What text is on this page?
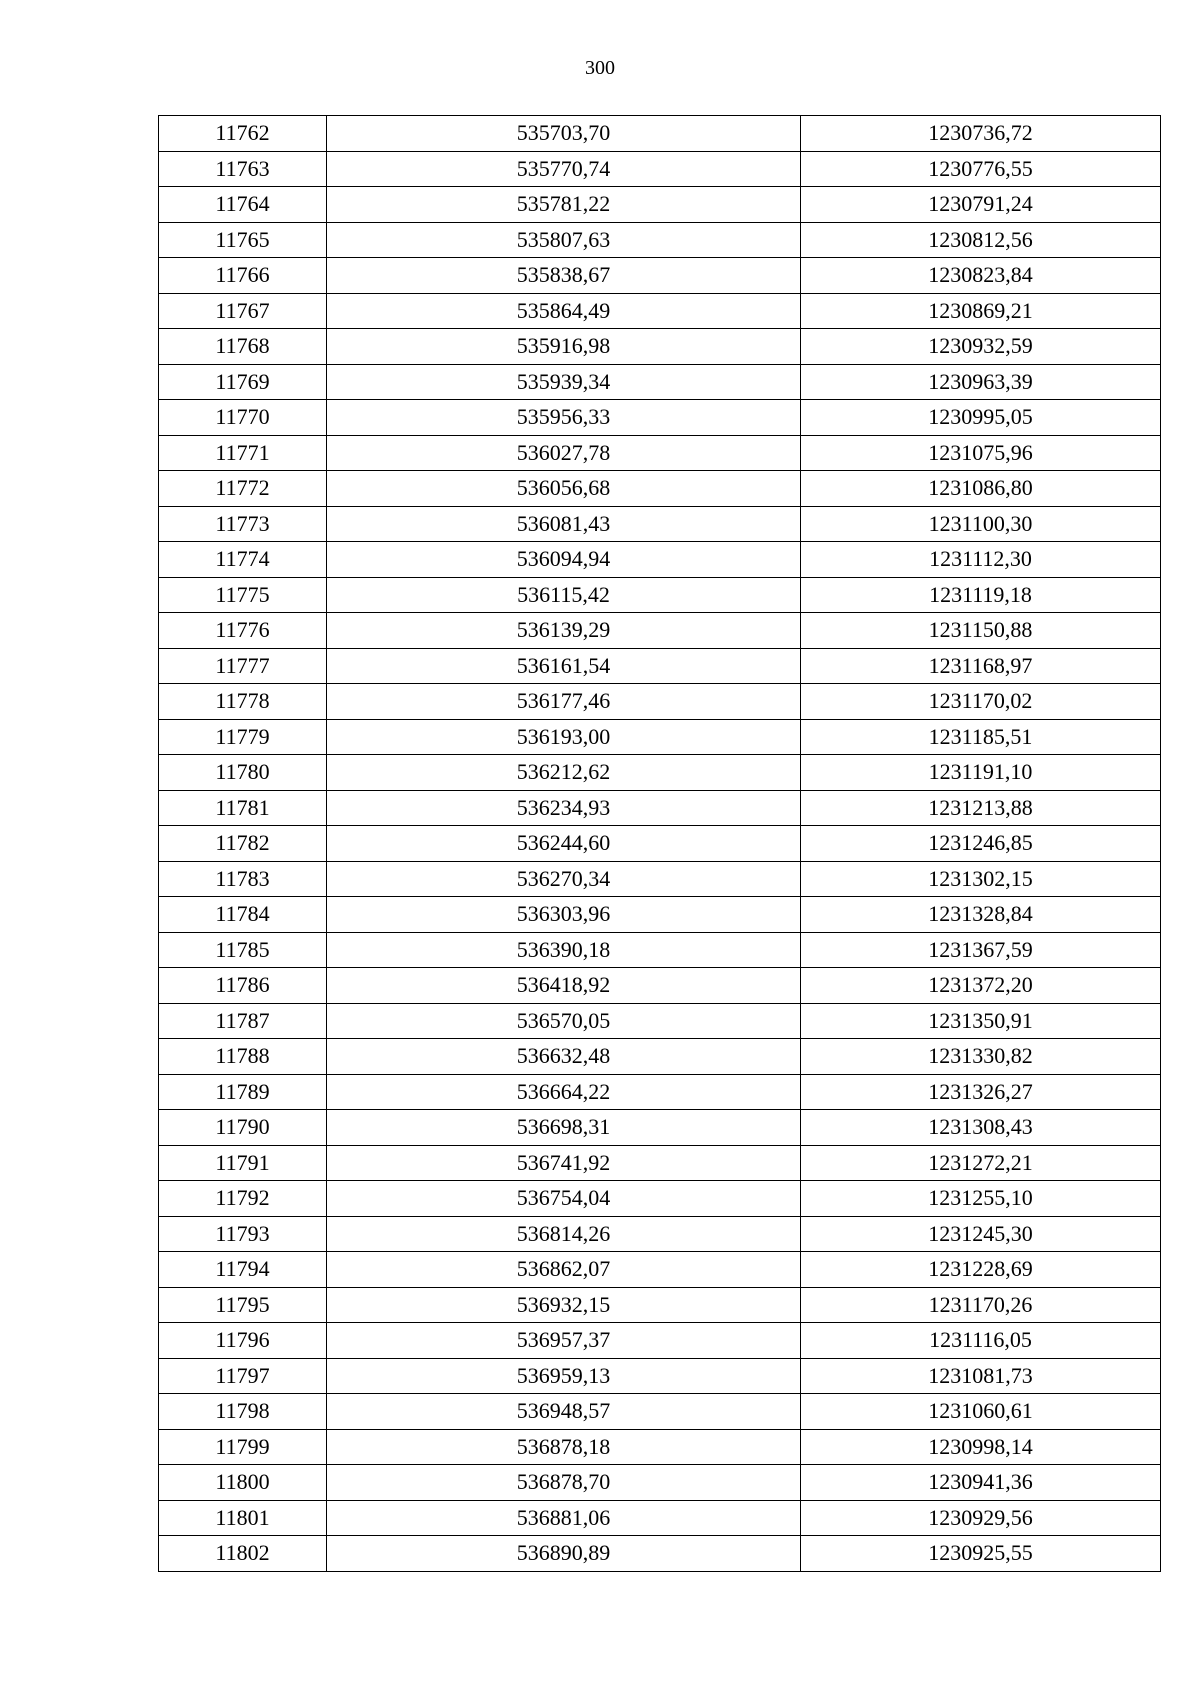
300
11762	535703,70	1230736,72
11763	535770,74	1230776,55
11764	535781,22	1230791,24
11765	535807,63	1230812,56
11766	535838,67	1230823,84
11767	535864,49	1230869,21
11768	535916,98	1230932,59
11769	535939,34	1230963,39
11770	535956,33	1230995,05
11771	536027,78	1231075,96
11772	536056,68	1231086,80
11773	536081,43	1231100,30
11774	536094,94	1231112,30
11775	536115,42	1231119,18
11776	536139,29	1231150,88
11777	536161,54	1231168,97
11778	536177,46	1231170,02
11779	536193,00	1231185,51
11780	536212,62	1231191,10
11781	536234,93	1231213,88
11782	536244,60	1231246,85
11783	536270,34	1231302,15
11784	536303,96	1231328,84
11785	536390,18	1231367,59
11786	536418,92	1231372,20
11787	536570,05	1231350,91
11788	536632,48	1231330,82
11789	536664,22	1231326,27
11790	536698,31	1231308,43
11791	536741,92	1231272,21
11792	536754,04	1231255,10
11793	536814,26	1231245,30
11794	536862,07	1231228,69
11795	536932,15	1231170,26
11796	536957,37	1231116,05
11797	536959,13	1231081,73
11798	536948,57	1231060,61
11799	536878,18	1230998,14
11800	536878,70	1230941,36
11801	536881,06	1230929,56
11802	536890,89	1230925,55
